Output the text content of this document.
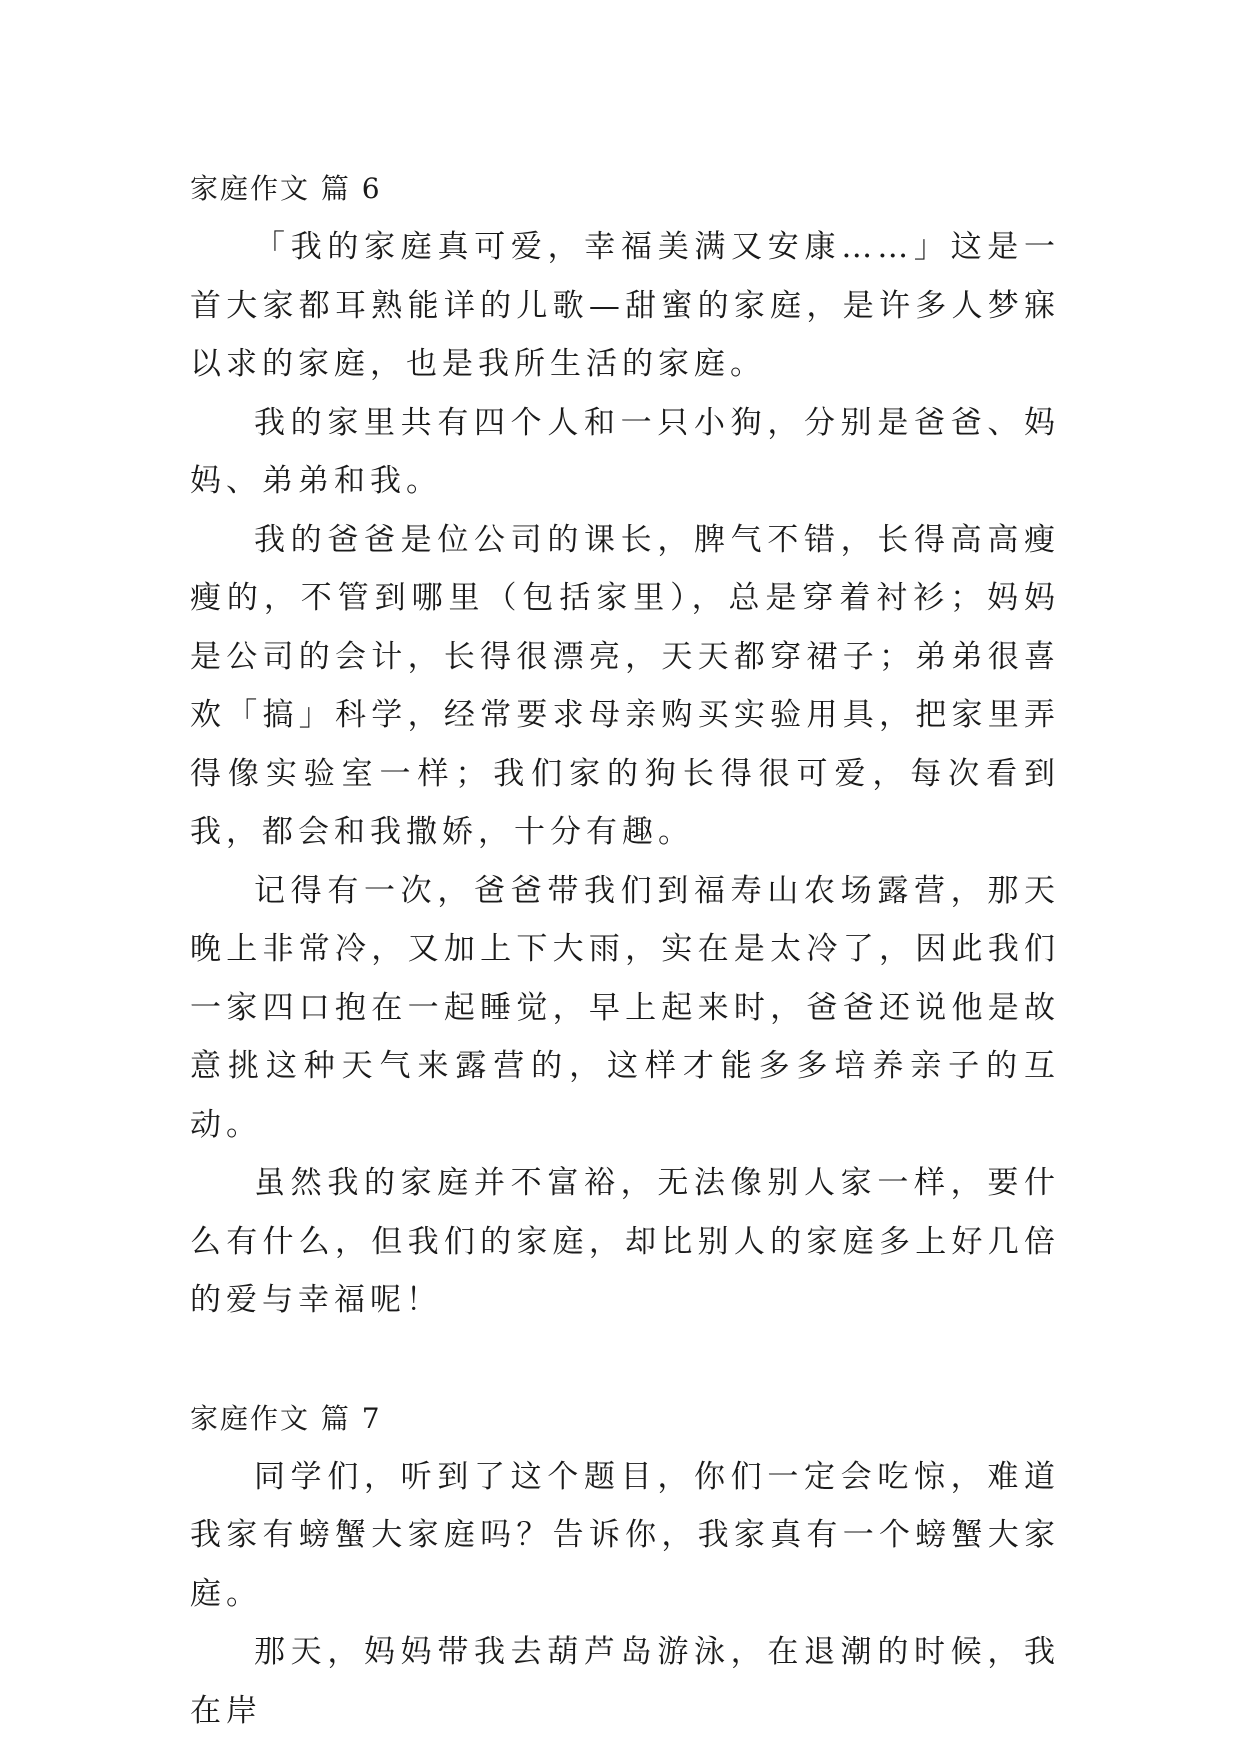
家庭作文 篇 6

「我的家庭真可爱，幸福美满又安康……」这是一首大家都耳熟能详的儿歌—甜蜜的家庭，是许多人梦寐以求的家庭，也是我所生活的家庭。

我的家里共有四个人和一只小狗，分别是爸爸、妈妈、弟弟和我。

我的爸爸是位公司的课长，脾气不错，长得高高瘦瘦的，不管到哪里（包括家里），总是穿着衬衫；妈妈是公司的会计，长得很漂亮，天天都穿裙子；弟弟很喜欢「搞」科学，经常要求母亲购买实验用具，把家里弄得像实验室一样；我们家的狗长得很可爱，每次看到我，都会和我撒娇，十分有趣。

记得有一次，爸爸带我们到福寿山农场露营，那天晚上非常冷，又加上下大雨，实在是太冷了，因此我们一家四口抱在一起睡觉，早上起来时，爸爸还说他是故意挑这种天气来露营的，这样才能多多培养亲子的互动。

虽然我的家庭并不富裕，无法像别人家一样，要什么有什么，但我们的家庭，却比别人的家庭多上好几倍的爱与幸福呢！

家庭作文 篇 7

同学们，听到了这个题目，你们一定会吃惊，难道我家有螃蟹大家庭吗？告诉你，我家真有一个螃蟹大家庭。

那天，妈妈带我去葫芦岛游泳，在退潮的时候，我在岸
